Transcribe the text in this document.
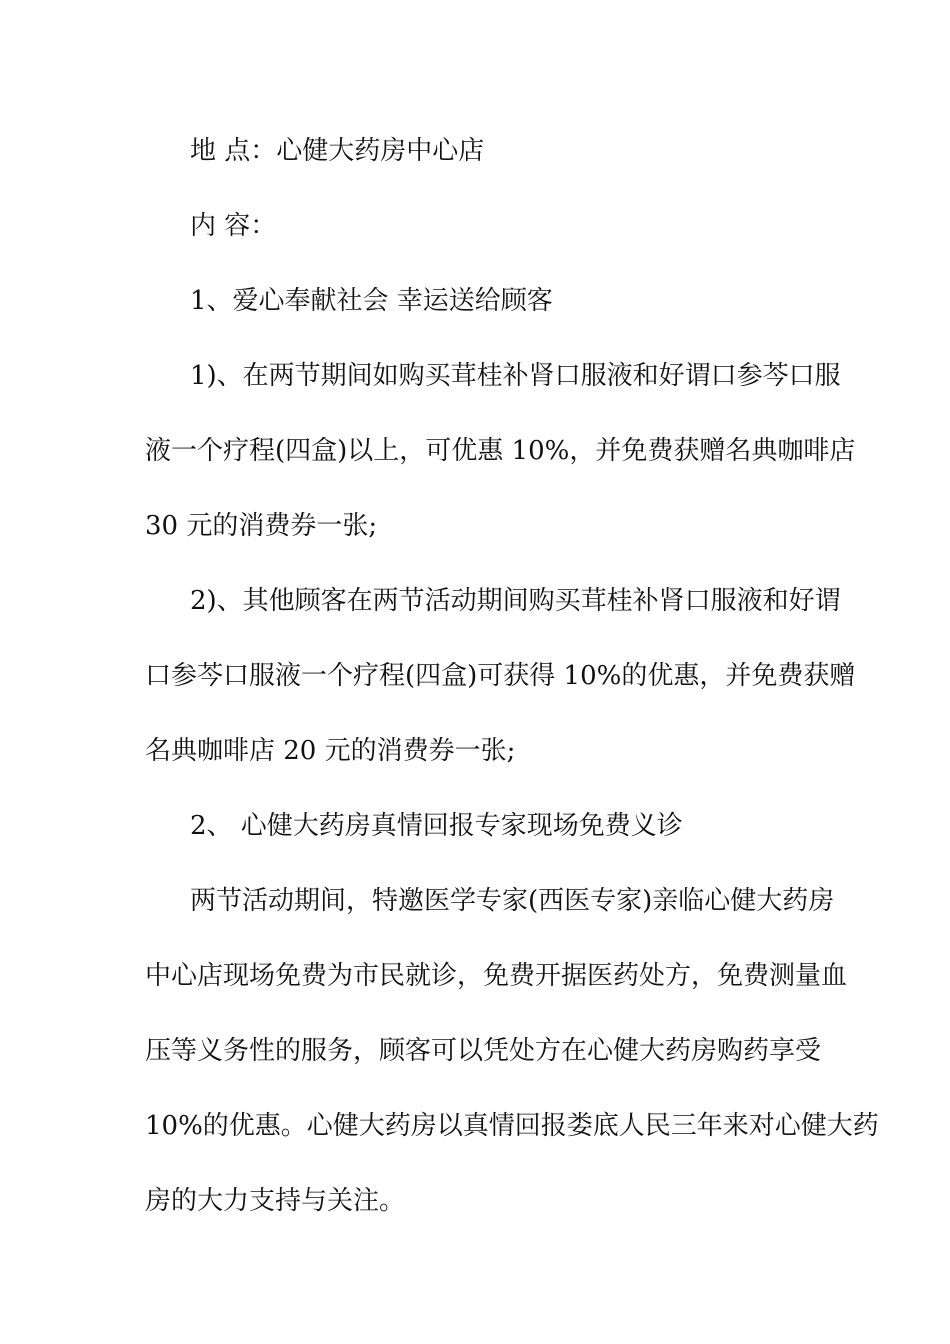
地 点：心健大药房中心店
内 容：
1、爱心奉献社会 幸运送给顾客
1)、在两节期间如购买茸桂补肾口服液和好谓口参芩口服
液一个疗程(四盒)以上，可优惠 10%，并免费获赠名典咖啡店
30 元的消费券一张;
2)、其他顾客在两节活动期间购买茸桂补肾口服液和好谓
口参芩口服液一个疗程(四盒)可获得 10%的优惠，并免费获赠
名典咖啡店 20 元的消费券一张;
2、 心健大药房真情回报专家现场免费义诊
两节活动期间，特邀医学专家(西医专家)亲临心健大药房
中心店现场免费为市民就诊，免费开据医药处方，免费测量血
压等义务性的服务，顾客可以凭处方在心健大药房购药享受
10%的优惠。心健大药房以真情回报娄底人民三年来对心健大药
房的大力支持与关注。
